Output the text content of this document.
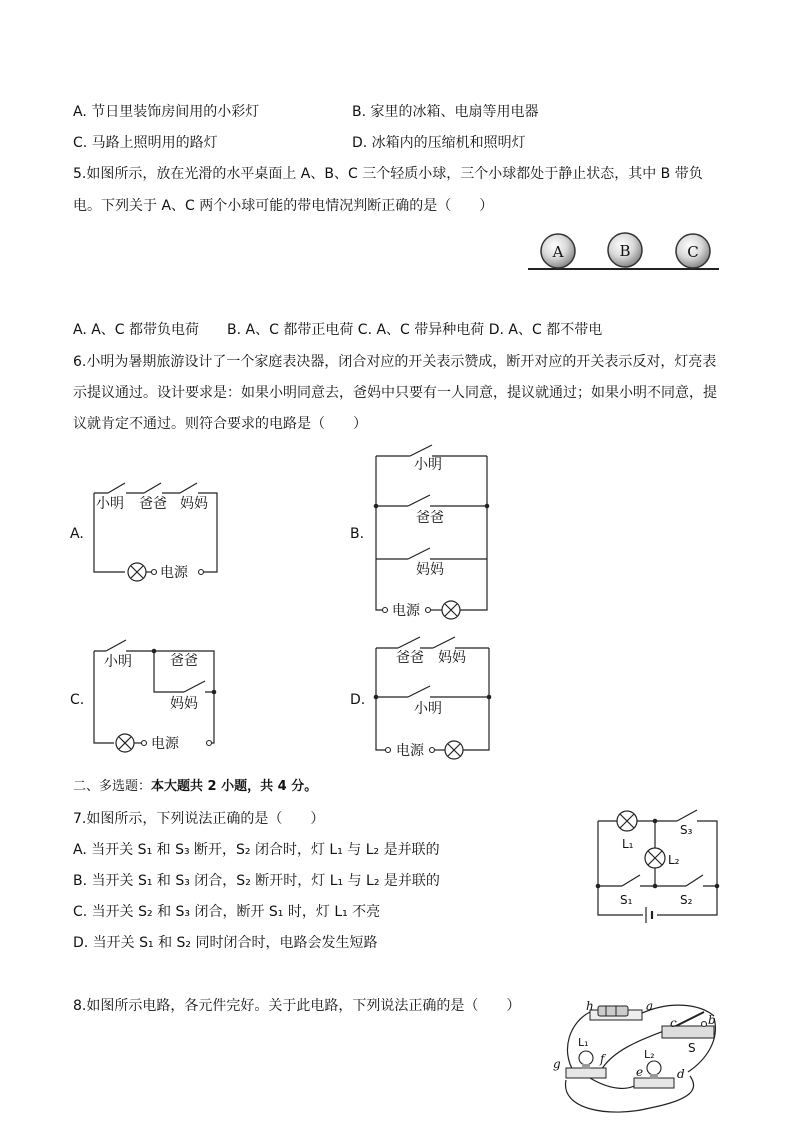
A. 节日里装饰房间用的小彩灯	B. 家里的冰箱、电扇等用电器
C. 马路上照明用的路灯	D. 冰箱内的压缩机和照明灯
5.如图所示，放在光滑的水平桌面上 A、B、C 三个轻质小球，三个小球都处于静止状态，其中 B 带负
电。下列关于 A、C 两个小球可能的带电情况判断正确的是（　　）
A	B	C
A. A、C 都带负电荷　　B. A、C 都带正电荷 C. A、C 带异种电荷 D. A、C 都不带电
6.小明为暑期旅游设计了一个家庭表决器，闭合对应的开关表示赞成，断开对应的开关表示反对，灯亮表
示提议通过。设计要求是：如果小明同意去，爸妈中只要有一人同意，提议就通过；如果小明不同意，提
议就肯定不通过。则符合要求的电路是（　　）
A.
小明 爸爸 妈妈
电源
B.
小明
爸爸
妈妈
电源
C.
小明	爸爸
妈妈
电源
D.
爸爸 妈妈
小明
电源
二、多选题：本大题共 2 小题，共 4 分。
7.如图所示，下列说法正确的是（　　）
A. 当开关 S₁ 和 S₃ 断开，S₂ 闭合时，灯 L₁ 与 L₂ 是并联的
B. 当开关 S₁ 和 S₃ 闭合，S₂ 断开时，灯 L₁ 与 L₂ 是并联的
C. 当开关 S₂ 和 S₃ 闭合，断开 S₁ 时，灯 L₁ 不亮
D. 当开关 S₁ 和 S₂ 同时闭合时，电路会发生短路
L₁
L₂
S₃
S₁	S₂
8.如图所示电路，各元件完好。关于此电路，下列说法正确的是（　　）	h	a
b
c
S
g	f
L₁
L₂
e	d
